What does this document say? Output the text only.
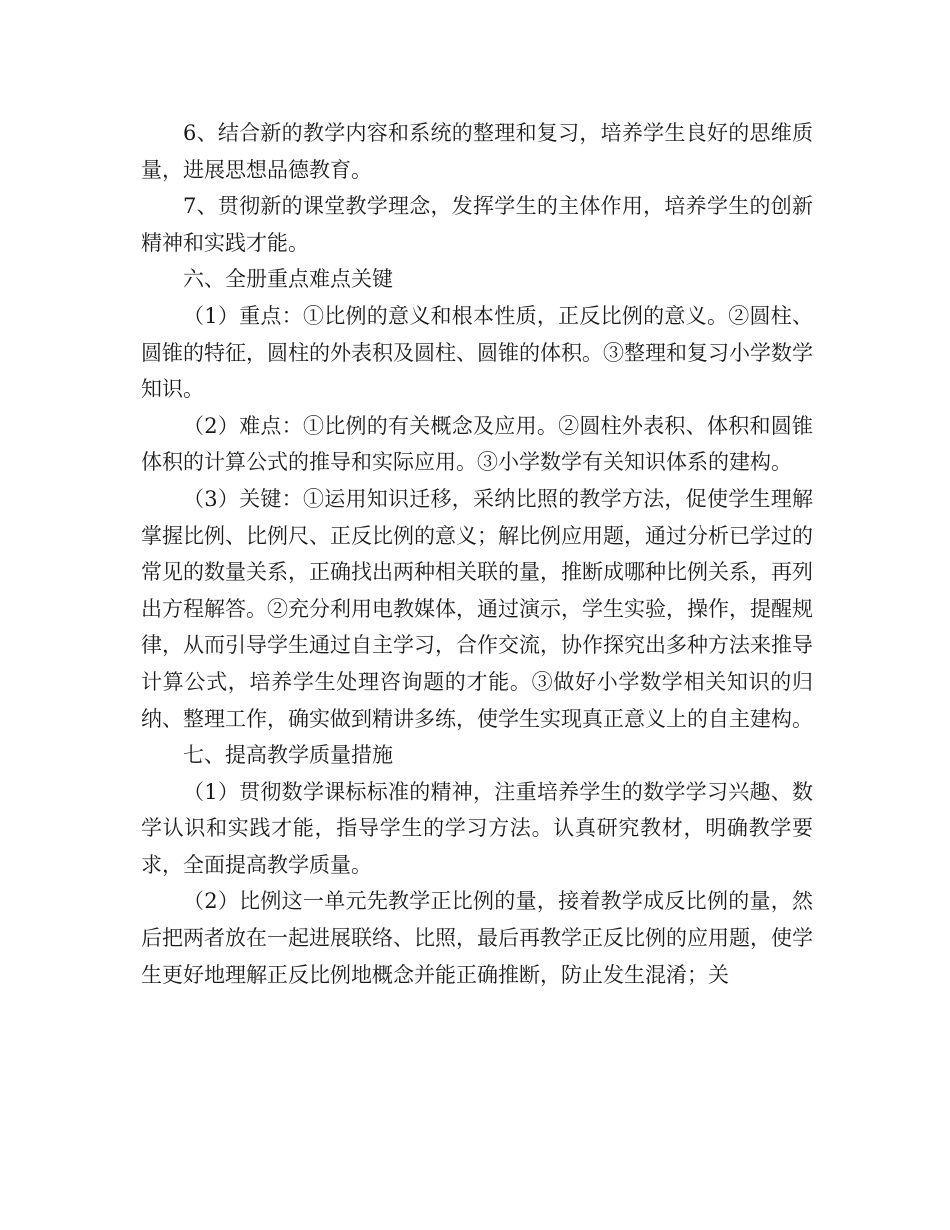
6、结合新的教学内容和系统的整理和复习，培养学生良好的思维质量，进展思想品德教育。

7、贯彻新的课堂教学理念，发挥学生的主体作用，培养学生的创新精神和实践才能。

六、全册重点难点关键

（1）重点：①比例的意义和根本性质，正反比例的意义。②圆柱、圆锥的特征，圆柱的外表积及圆柱、圆锥的体积。③整理和复习小学数学知识。

（2）难点：①比例的有关概念及应用。②圆柱外表积、体积和圆锥体积的计算公式的推导和实际应用。③小学数学有关知识体系的建构。

（3）关键：①运用知识迁移，采纳比照的教学方法，促使学生理解掌握比例、比例尺、正反比例的意义；解比例应用题，通过分析已学过的常见的数量关系，正确找出两种相关联的量，推断成哪种比例关系，再列出方程解答。②充分利用电教媒体，通过演示，学生实验，操作，提醒规律，从而引导学生通过自主学习，合作交流，协作探究出多种方法来推导计算公式，培养学生处理咨询题的才能。③做好小学数学相关知识的归纳、整理工作，确实做到精讲多练，使学生实现真正意义上的自主建构。

七、提高教学质量措施

（1）贯彻数学课标标准的精神，注重培养学生的数学学习兴趣、数学认识和实践才能，指导学生的学习方法。认真研究教材，明确教学要求，全面提高教学质量。

（2）比例这一单元先教学正比例的量，接着教学成反比例的量，然后把两者放在一起进展联络、比照，最后再教学正反比例的应用题，使学生更好地理解正反比例地概念并能正确推断，防止发生混淆；关
